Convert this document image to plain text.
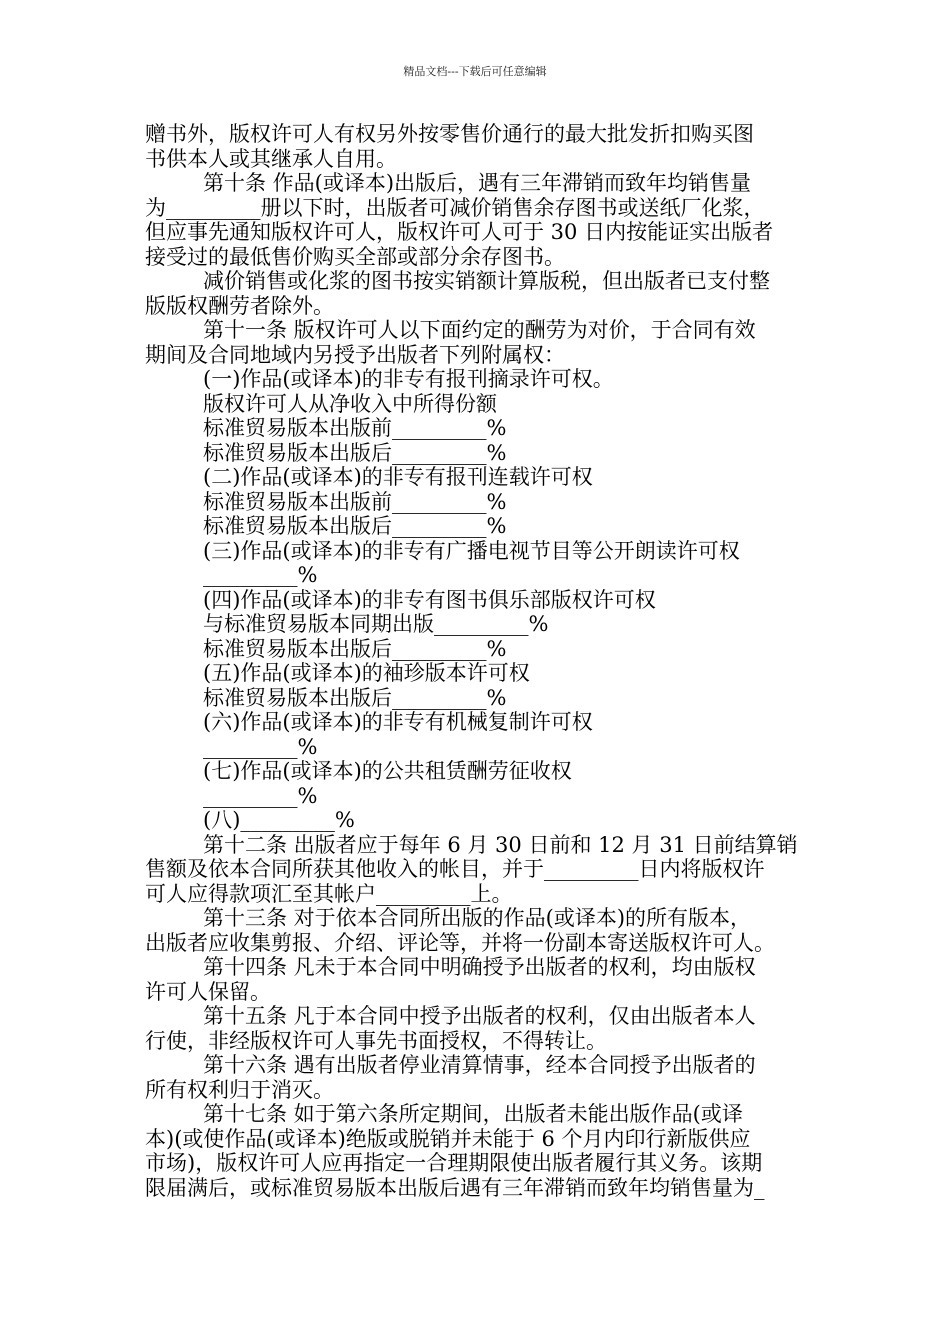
精品文档---下载后可任意编辑
赠书外，版权许可人有权另外按零售价通行的最大批发折扣购买图
书供本人或其继承人自用。
第十条 作品(或译本)出版后，遇有三年滞销而致年均销售量
为_________册以下时，出版者可减价销售余存图书或送纸厂化浆，
但应事先通知版权许可人，版权许可人可于 30 日内按能证实出版者
接受过的最低售价购买全部或部分余存图书。
减价销售或化浆的图书按实销额计算版税，但出版者已支付整
版版权酬劳者除外。
第十一条 版权许可人以下面约定的酬劳为对价，于合同有效
期间及合同地域内另授予出版者下列附属权：
(一)作品(或译本)的非专有报刊摘录许可权。
版权许可人从净收入中所得份额
标准贸易版本出版前_________%
标准贸易版本出版后_________%
(二)作品(或译本)的非专有报刊连载许可权
标准贸易版本出版前_________%
标准贸易版本出版后_________%
(三)作品(或译本)的非专有广播电视节目等公开朗读许可权
_________%
(四)作品(或译本)的非专有图书俱乐部版权许可权
与标准贸易版本同期出版_________%
标准贸易版本出版后_________%
(五)作品(或译本)的袖珍版本许可权
标准贸易版本出版后_________%
(六)作品(或译本)的非专有机械复制许可权
_________%
(七)作品(或译本)的公共租赁酬劳征收权
_________%
(八)_________%
第十二条 出版者应于每年 6 月 30 日前和 12 月 31 日前结算销
售额及依本合同所获其他收入的帐目，并于_________日内将版权许
可人应得款项汇至其帐户_________上。
第十三条 对于依本合同所出版的作品(或译本)的所有版本，
出版者应收集剪报、介绍、评论等，并将一份副本寄送版权许可人。
第十四条 凡未于本合同中明确授予出版者的权利，均由版权
许可人保留。
第十五条 凡于本合同中授予出版者的权利，仅由出版者本人
行使，非经版权许可人事先书面授权，不得转让。
第十六条 遇有出版者停业清算情事，经本合同授予出版者的
所有权利归于消灭。
第十七条 如于第六条所定期间，出版者未能出版作品(或译
本)(或使作品(或译本)绝版或脱销并未能于 6 个月内印行新版供应
市场)，版权许可人应再指定一合理期限使出版者履行其义务。该期
限届满后，或标准贸易版本出版后遇有三年滞销而致年均销售量为_
